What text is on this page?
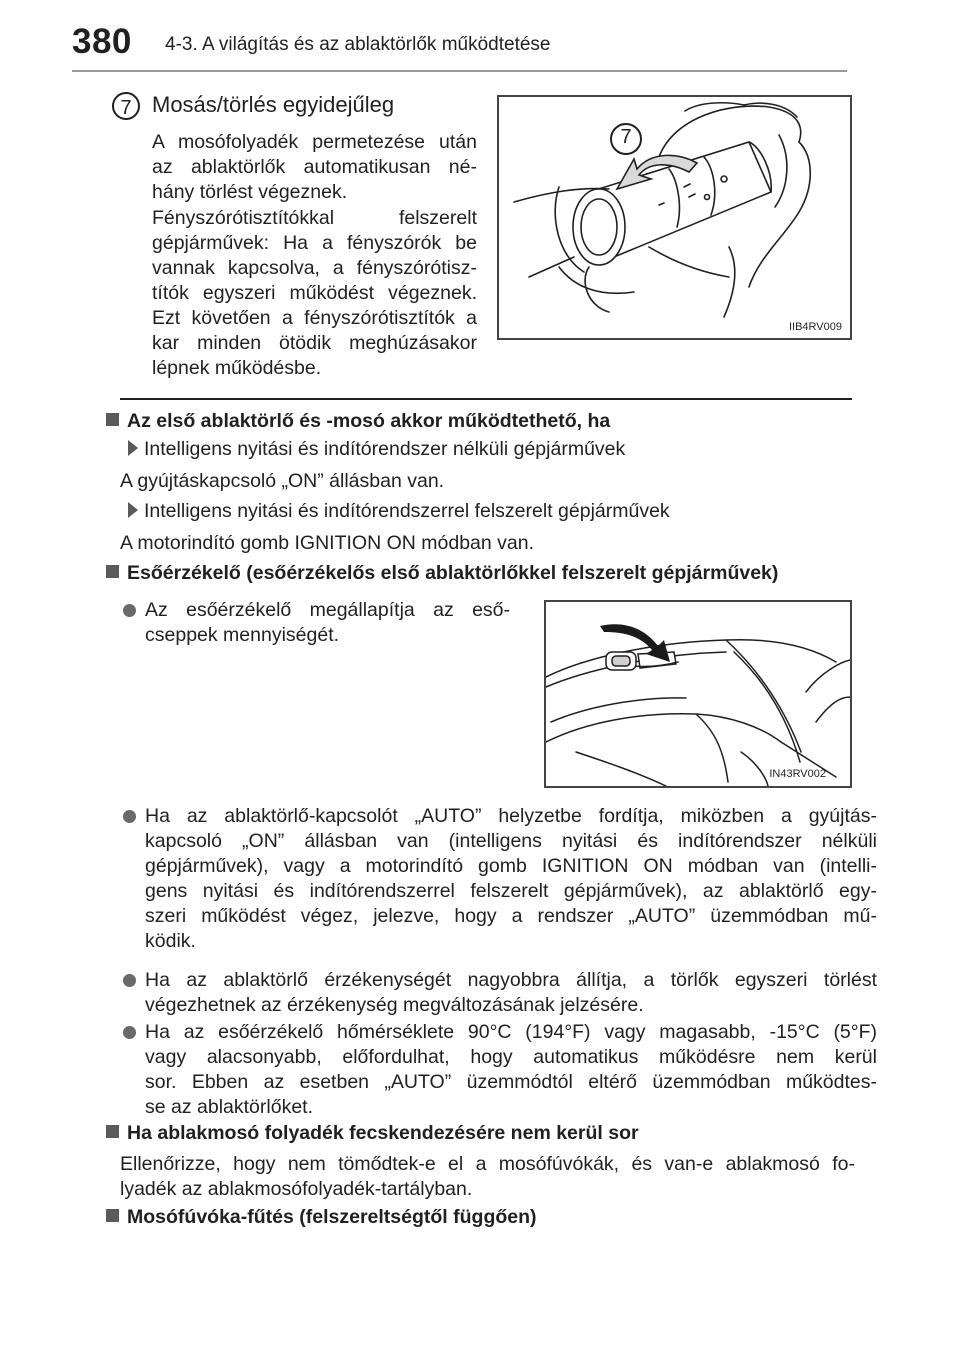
380 4-3. A világítás és az ablaktörlők működtetése
7 Mosás/törlés egyidejűleg
A mosófolyadék permetezése után
az ablaktörlők automatikusan né-
hány törlést végeznek.
Fényszórótisztítókkal felszerelt
gépjárművek: Ha a fényszórók be
vannak kapcsolva, a fényszórótisz-
títók egyszeri működést végeznek.
Ezt követően a fényszórótisztítók a
kar minden ötödik meghúzásakor
lépnek működésbe.
7
IIB4RV009
Az első ablaktörlő és -mosó akkor működtethető, ha
Intelligens nyitási és indítórendszer nélküli gépjárművek
A gyújtáskapcsoló „ON” állásban van.
Intelligens nyitási és indítórendszerrel felszerelt gépjárművek
A motorindító gomb IGNITION ON módban van.
Esőérzékelő (esőérzékelős első ablaktörlőkkel felszerelt gépjárművek)
Az esőérzékelő megállapítja az eső-
cseppek mennyiségét.
IN43RV002
Ha az ablaktörlő-kapcsolót „AUTO” helyzetbe fordítja, miközben a gyújtás-
kapcsoló „ON” állásban van (intelligens nyitási és indítórendszer nélküli
gépjárművek), vagy a motorindító gomb IGNITION ON módban van (intelli-
gens nyitási és indítórendszerrel felszerelt gépjárművek), az ablaktörlő egy-
szeri működést végez, jelezve, hogy a rendszer „AUTO” üzemmódban mű-
ködik.
Ha az ablaktörlő érzékenységét nagyobbra állítja, a törlők egyszeri törlést
végezhetnek az érzékenység megváltozásának jelzésére.
Ha az esőérzékelő hőmérséklete 90°C (194°F) vagy magasabb, -15°C (5°F)
vagy alacsonyabb, előfordulhat, hogy automatikus működésre nem kerül
sor. Ebben az esetben „AUTO” üzemmódtól eltérő üzemmódban működtes-
se az ablaktörlőket.
Ha ablakmosó folyadék fecskendezésére nem kerül sor
Ellenőrizze, hogy nem tömődtek-e el a mosófúvókák, és van-e ablakmosó fo-
lyadék az ablakmosófolyadék-tartályban.
Mosófúvóka-fűtés (felszereltségtől függően)
